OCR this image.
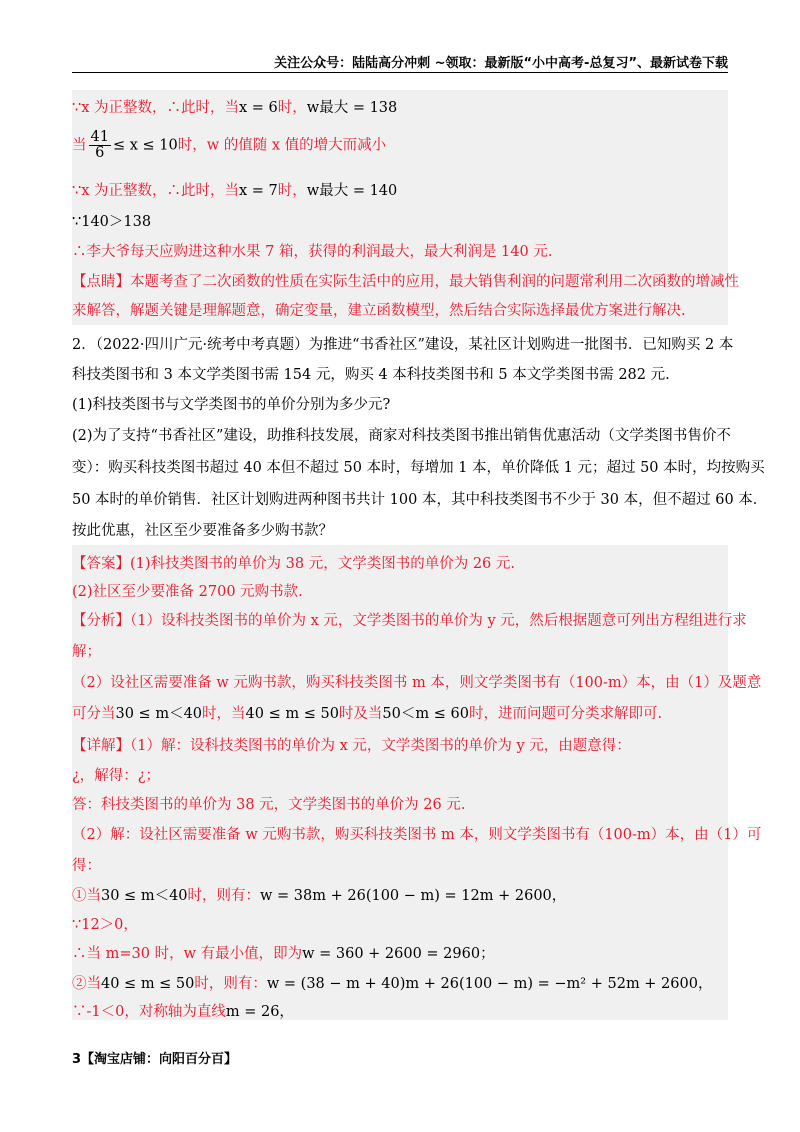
关注公众号：陆陆高分冲刺 ~领取：最新版“小中高考-总复习”、最新试卷下载
∵x 为正整数，∴此时，当x = 6时，w最大 = 138
当 $\frac{41}{6} \le x \le 10$时，w 的值随 x 值的增大而减小
∵x 为正整数，∴此时，当x = 7时，w最大 = 140
∵140＞138
∴李大爷每天应购进这种水果 7 箱，获得的利润最大，最大利润是 140 元.
【点睛】本题考查了二次函数的性质在实际生活中的应用，最大销售利润的问题常利用二次函数的增减性
来解答，解题关键是理解题意，确定变量，建立函数模型，然后结合实际选择最优方案进行解决.
2．（2022·四川广元·统考中考真题）为推进“书香社区”建设，某社区计划购进一批图书．已知购买 2 本
科技类图书和 3 本文学类图书需 154 元，购买 4 本科技类图书和 5 本文学类图书需 282 元.
(1)科技类图书与文学类图书的单价分别为多少元?
(2)为了支持“书香社区”建设，助推科技发展，商家对科技类图书推出销售优惠活动（文学类图书售价不
变）：购买科技类图书超过 40 本但不超过 50 本时，每增加 1 本，单价降低 1 元；超过 50 本时，均按购买
50 本时的单价销售．社区计划购进两种图书共计 100 本，其中科技类图书不少于 30 本，但不超过 60 本．
按此优惠，社区至少要准备多少购书款？
【答案】(1)科技类图书的单价为 38 元，文学类图书的单价为 26 元.
(2)社区至少要准备 2700 元购书款.
【分析】（1）设科技类图书的单价为 x 元，文学类图书的单价为 y 元，然后根据题意可列出方程组进行求
解；
（2）设社区需要准备 w 元购书款，购买科技类图书 m 本，则文学类图书有（100-m）本，由（1）及题意
可分当30 ≤ m＜40时，当40 ≤ m ≤ 50时及当50＜m ≤ 60时，进而问题可分类求解即可.
【详解】（1）解：设科技类图书的单价为 x 元，文学类图书的单价为 y 元，由题意得：
¿，解得：¿；
答：科技类图书的单价为 38 元，文学类图书的单价为 26 元.
（2）解：设社区需要准备 w 元购书款，购买科技类图书 m 本，则文学类图书有（100-m）本，由（1）可
得：
①当30 ≤ m＜40时，则有：w = 38m + 26(100 − m) = 12m + 2600，
∵12＞0，
∴当 m=30 时，w 有最小值，即为w = 360 + 2600 = 2960；
②当40 ≤ m ≤ 50时，则有：w = (38 − m + 40)m + 26(100 − m) = −m² + 52m + 2600，
∵-1＜0，对称轴为直线m = 26，
3【淘宝店铺：向阳百分百】
